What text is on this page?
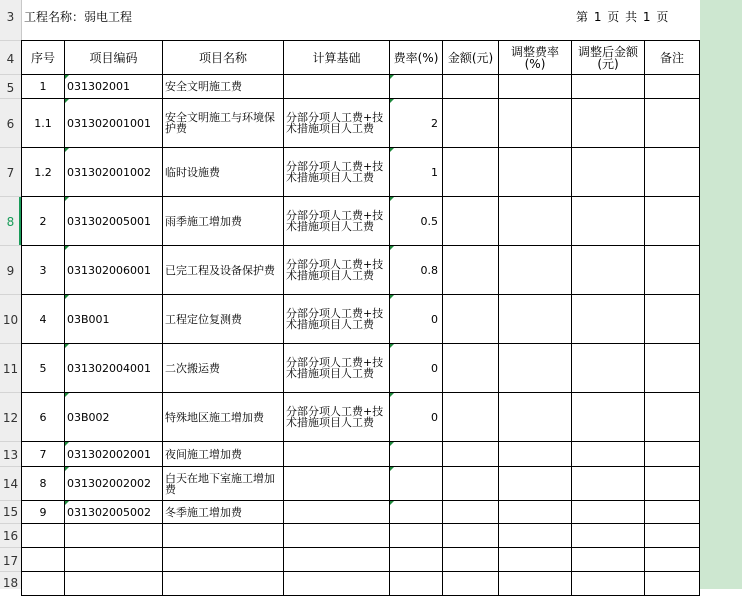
3
4
5
6
7
8
9
10
11
12
13
14
15
16
17
18
工程名称：弱电工程	第 1 页 共 1 页
序号	项目编码	项目名称	计算基础	费率(%)	金额(元)	调整费率(%)	调整后金额(元)	备注
1	031302001	安全文明施工费						
1.1	031302001001	安全文明施工与环境保护费	分部分项人工费+技术措施项目人工费	2				
1.2	031302001002	临时设施费	分部分项人工费+技术措施项目人工费	1				
2	031302005001	雨季施工增加费	分部分项人工费+技术措施项目人工费	0.5				
3	031302006001	已完工程及设备保护费	分部分项人工费+技术措施项目人工费	0.8				
4	03B001	工程定位复测费	分部分项人工费+技术措施项目人工费	0				
5	031302004001	二次搬运费	分部分项人工费+技术措施项目人工费	0				
6	03B002	特殊地区施工增加费	分部分项人工费+技术措施项目人工费	0				
7	031302002001	夜间施工增加费						
8	031302002002	白天在地下室施工增加费						
9	031302005002	冬季施工增加费						
